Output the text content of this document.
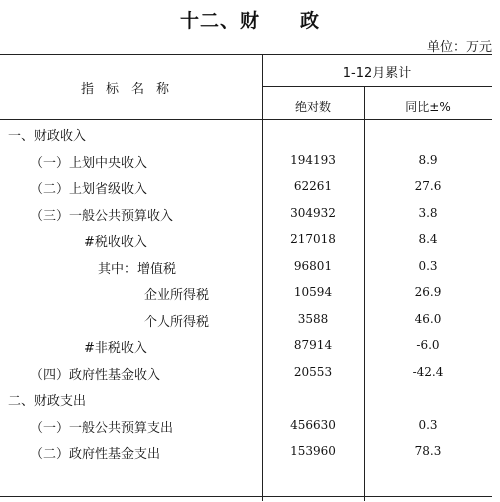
十二、财　　政
单位：万元
指标名称
1-12月累计
绝对数	同比±%
一、财政收入
（一）上划中央收入	194193	8.9
（二）上划省级收入	62261	27.6
（三）一般公共预算收入	304932	3.8
#税收收入	217018	8.4
其中：增值税	96801	0.3
企业所得税	10594	26.9
个人所得税	3588	46.0
#非税收入	87914	-6.0
（四）政府性基金收入	20553	-42.4
二、财政支出
（一）一般公共预算支出	456630	0.3
（二）政府性基金支出	153960	78.3
